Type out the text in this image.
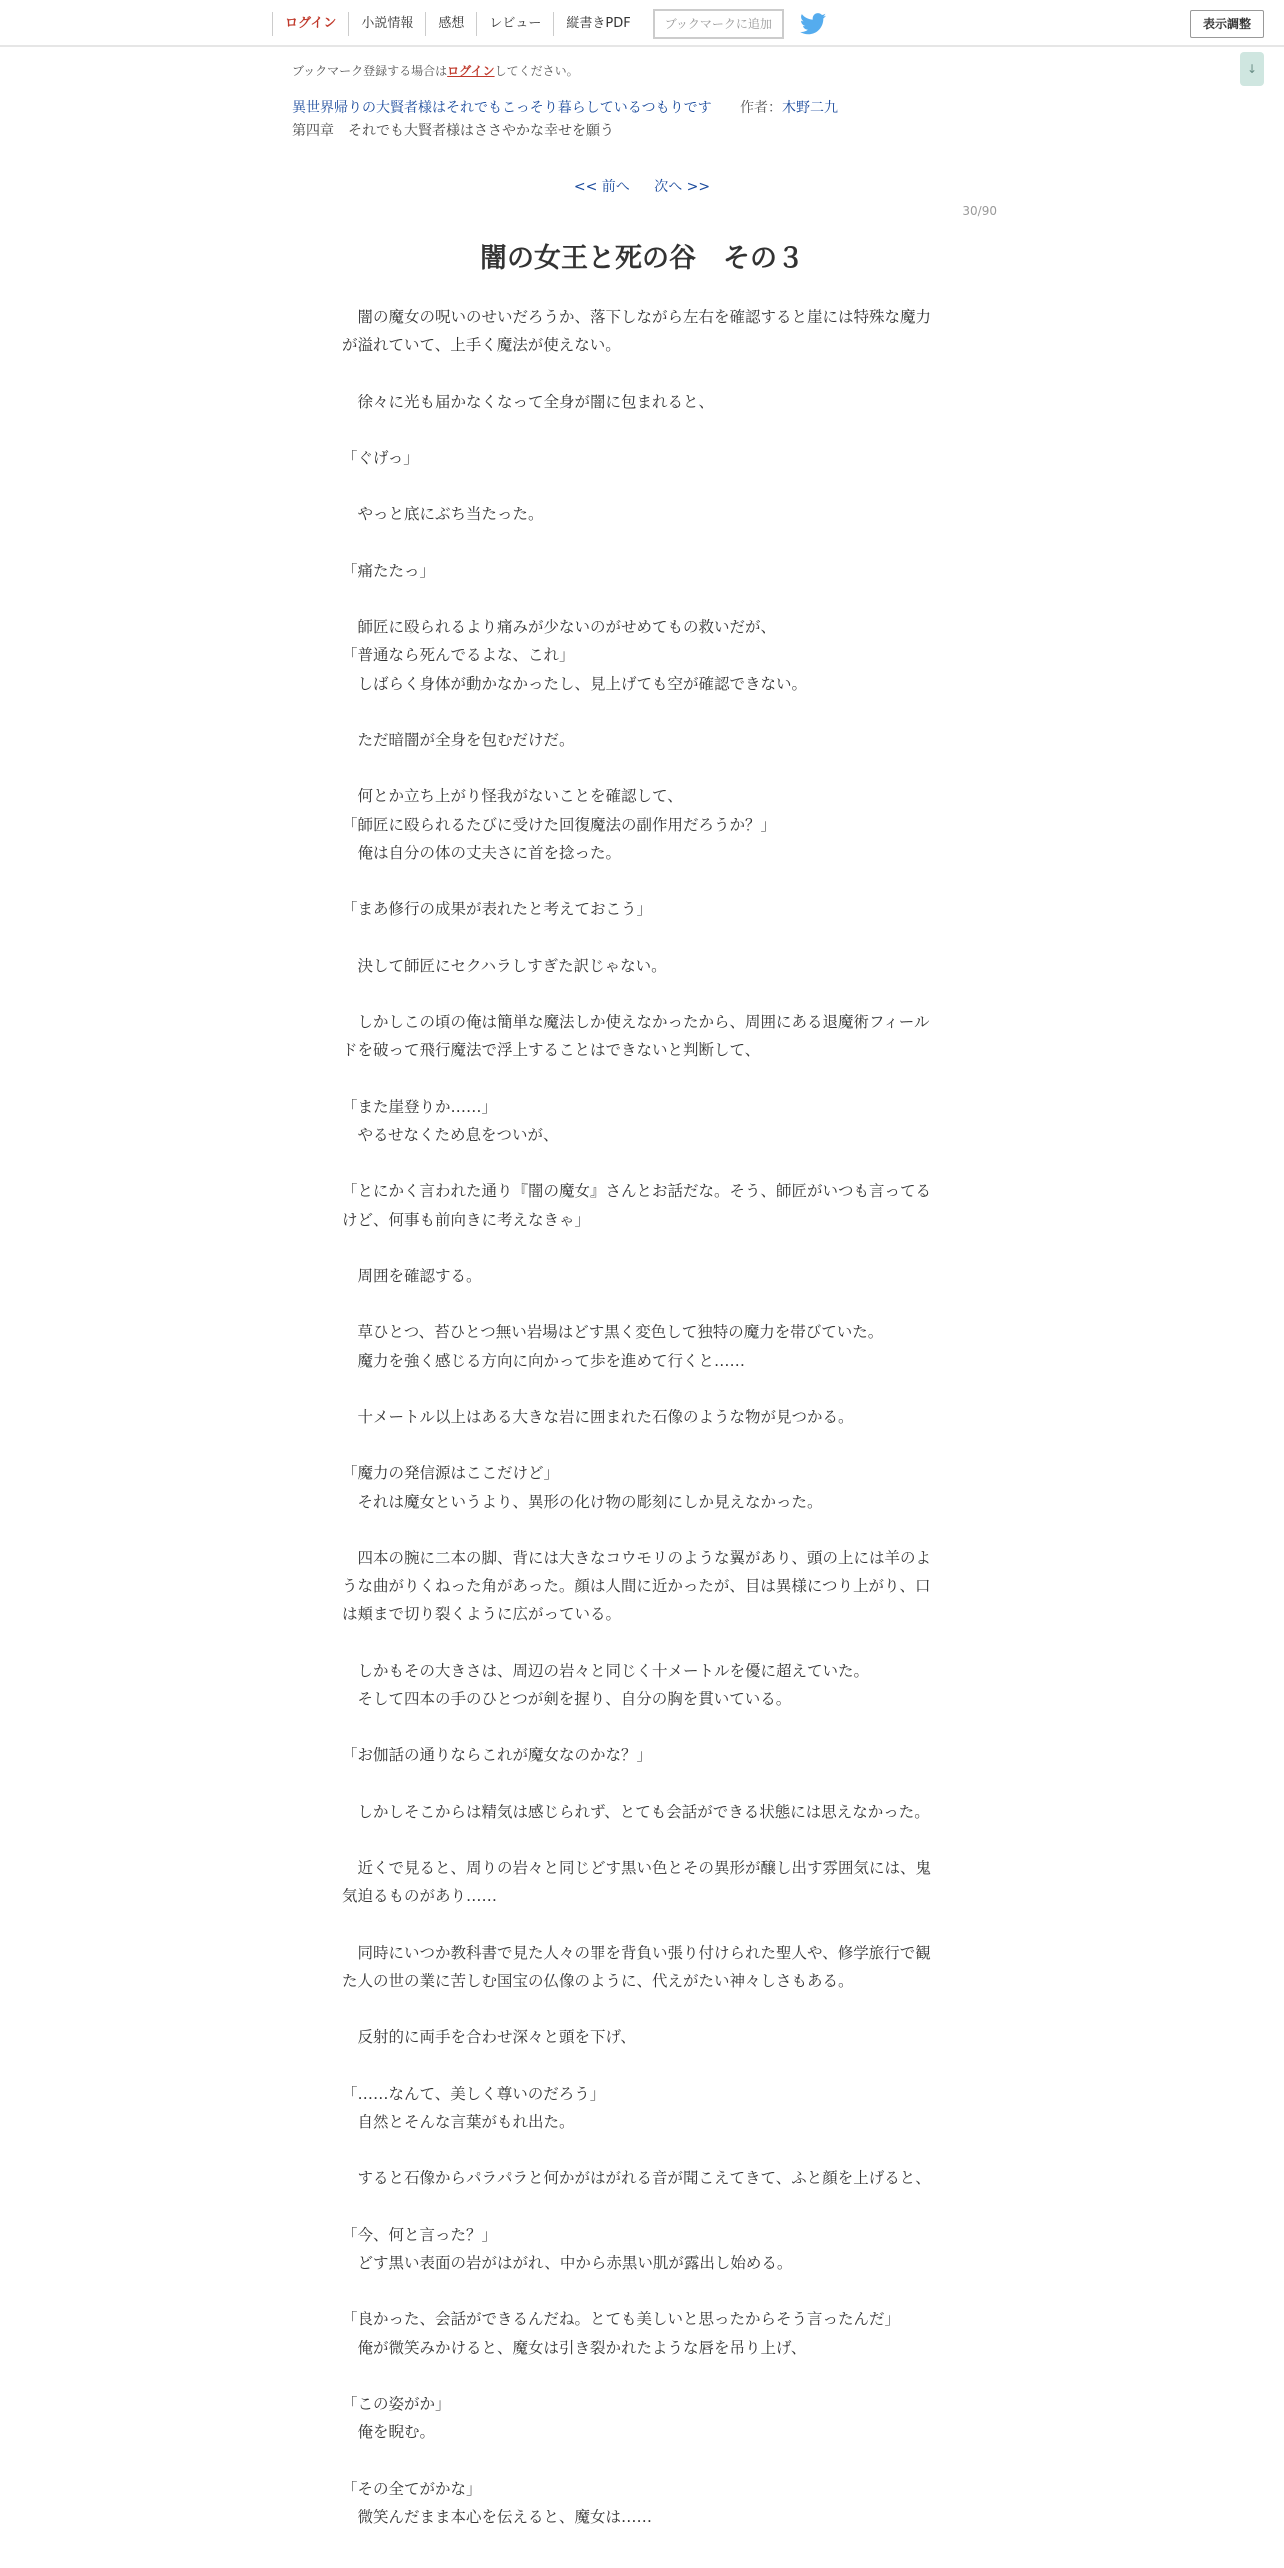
ログイン	小説情報	感想	レビュー	縦書きPDF	ブックマークに追加	表示調整
↓
ブックマーク登録する場合はログインしてください。
異世界帰りの大賢者様はそれでもこっそり暮らしているつもりです 作者：木野二九
第四章　それでも大賢者様はささやかな幸せを願う
<< 前へ 次へ >>
30/90
闇の女王と死の谷　その３
　闇の魔女の呪いのせいだろうか、落下しながら左右を確認すると崖には特殊な魔力が溢れていて、上手く魔法が使えない。

　徐々に光も届かなくなって全身が闇に包まれると、

「ぐげっ」

　やっと底にぶち当たった。

「痛たたっ」

　師匠に殴られるより痛みが少ないのがせめてもの救いだが、
「普通なら死んでるよな、これ」
　しばらく身体が動かなかったし、見上げても空が確認できない。

　ただ暗闇が全身を包むだけだ。

　何とか立ち上がり怪我がないことを確認して、
「師匠に殴られるたびに受けた回復魔法の副作用だろうか？」
　俺は自分の体の丈夫さに首を捻った。

「まあ修行の成果が表れたと考えておこう」

　決して師匠にセクハラしすぎた訳じゃない。

　しかしこの頃の俺は簡単な魔法しか使えなかったから、周囲にある退魔術フィールドを破って飛行魔法で浮上することはできないと判断して、

「また崖登りか……」
　やるせなくため息をついが、

「とにかく言われた通り『闇の魔女』さんとお話だな。そう、師匠がいつも言ってるけど、何事も前向きに考えなきゃ」

　周囲を確認する。

　草ひとつ、苔ひとつ無い岩場はどす黒く変色して独特の魔力を帯びていた。
　魔力を強く感じる方向に向かって歩を進めて行くと……

　十メートル以上はある大きな岩に囲まれた石像のような物が見つかる。

「魔力の発信源はここだけど」
　それは魔女というより、異形の化け物の彫刻にしか見えなかった。

　四本の腕に二本の脚、背には大きなコウモリのような翼があり、頭の上には羊のような曲がりくねった角があった。顔は人間に近かったが、目は異様につり上がり、口は頬まで切り裂くように広がっている。

　しかもその大きさは、周辺の岩々と同じく十メートルを優に超えていた。
　そして四本の手のひとつが剣を握り、自分の胸を貫いている。

「お伽話の通りならこれが魔女なのかな？」

　しかしそこからは精気は感じられず、とても会話ができる状態には思えなかった。

　近くで見ると、周りの岩々と同じどす黒い色とその異形が醸し出す雰囲気には、鬼気迫るものがあり……

　同時にいつか教科書で見た人々の罪を背負い張り付けられた聖人や、修学旅行で観た人の世の業に苦しむ国宝の仏像のように、代えがたい神々しさもある。

　反射的に両手を合わせ深々と頭を下げ、

「……なんて、美しく尊いのだろう」
　自然とそんな言葉がもれ出た。

　すると石像からパラパラと何かがはがれる音が聞こえてきて、ふと顔を上げると、

「今、何と言った？」
　どす黒い表面の岩がはがれ、中から赤黒い肌が露出し始める。

「良かった、会話ができるんだね。とても美しいと思ったからそう言ったんだ」
　俺が微笑みかけると、魔女は引き裂かれたような唇を吊り上げ、

「この姿がか」
　俺を睨む。

「その全てがかな」
　微笑んだまま本心を伝えると、魔女は……
